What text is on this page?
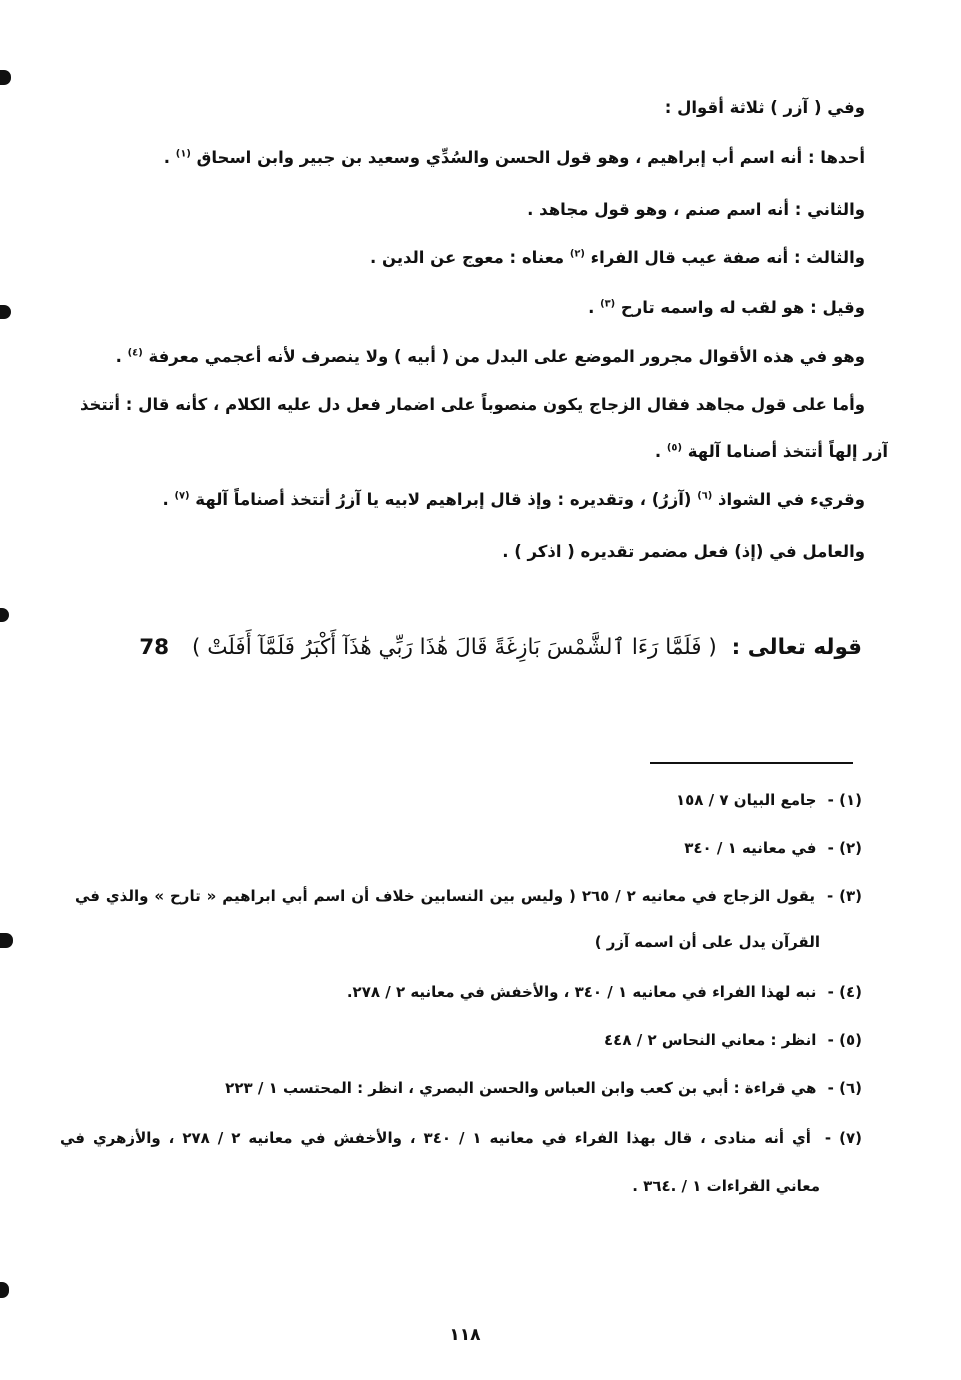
وفي ( آزر ) ثلاثة أقوال :
أحدها : أنه اسم أب إبراهيم ، وهو قول الحسن والسُدِّي وسعيد بن جبير وابن اسحاق $^{(١)}$ .
والثاني : أنه اسم صنم ، وهو قول مجاهد .
والثالث : أنه صفة عيب قال الفراء $^{(٢)}$ معناه : معوج عن الدين .
وقيل : هو لقب له واسمه تارح $^{(٣)}$ .
وهو في هذه الأقوال مجرور الموضع على البدل من ( أبيه ) ولا ينصرف لأنه أعجمي معرفة $^{(٤)}$ .
وأما على قول مجاهد فقال الزجاج يكون منصوباً على اضمار فعل دل عليه الكلام ، كأنه قال : أتتخذ
آزر إلهاً أتتخذ أصناما آلهة $^{(٥)}$ .
وقريء في الشواذ $^{(٦)}$ (آزرُ) ، وتقديره : وإذ قال إبراهيم لابيه يا آزرُ أتتخذ أصناماً آلهة $^{(٧)}$ .
والعامل في (إذ) فعل مضمر تقديره ( اذكر ) .
قوله تعالى : ( فَلَمَّا رَءَا ٱلشَّمْسَ بَازِغَةً قَالَ هَٰذَا رَبِّي هَٰذَآ أَكْبَرُ فَلَمَّآ أَفَلَتْ ) 78
(١) - جامع البيان ٧ / ١٥٨
(٢) - في معانيه ١ / ٣٤٠
(٣) - يقول الزجاج في معانيه ٢ / ٢٦٥ ( وليس بين النسابين خلاف أن اسم أبي ابراهيم « تارح » والذي في
القرآن يدل على أن اسمه آزر )
(٤) - نبه لهذا الفراء في معانيه ١ / ٣٤٠ ، والأخفش في معانيه ٢ / ٢٧٨.
(٥) - انظر : معاني النحاس ٢ / ٤٤٨
(٦) - هي قراءة : أبي بن كعب وابن العباس والحسن البصري ، انظر : المحتسب ١ / ٢٢٣
(٧) - أي أنه منادى ، قال بهذا الفراء في معانيه ١ / ٣٤٠ ، والأخفش في معانيه ٢ / ٢٧٨ ، والأزهري في
معاني القراءات ١ / .٣٦٤ .
١١٨
